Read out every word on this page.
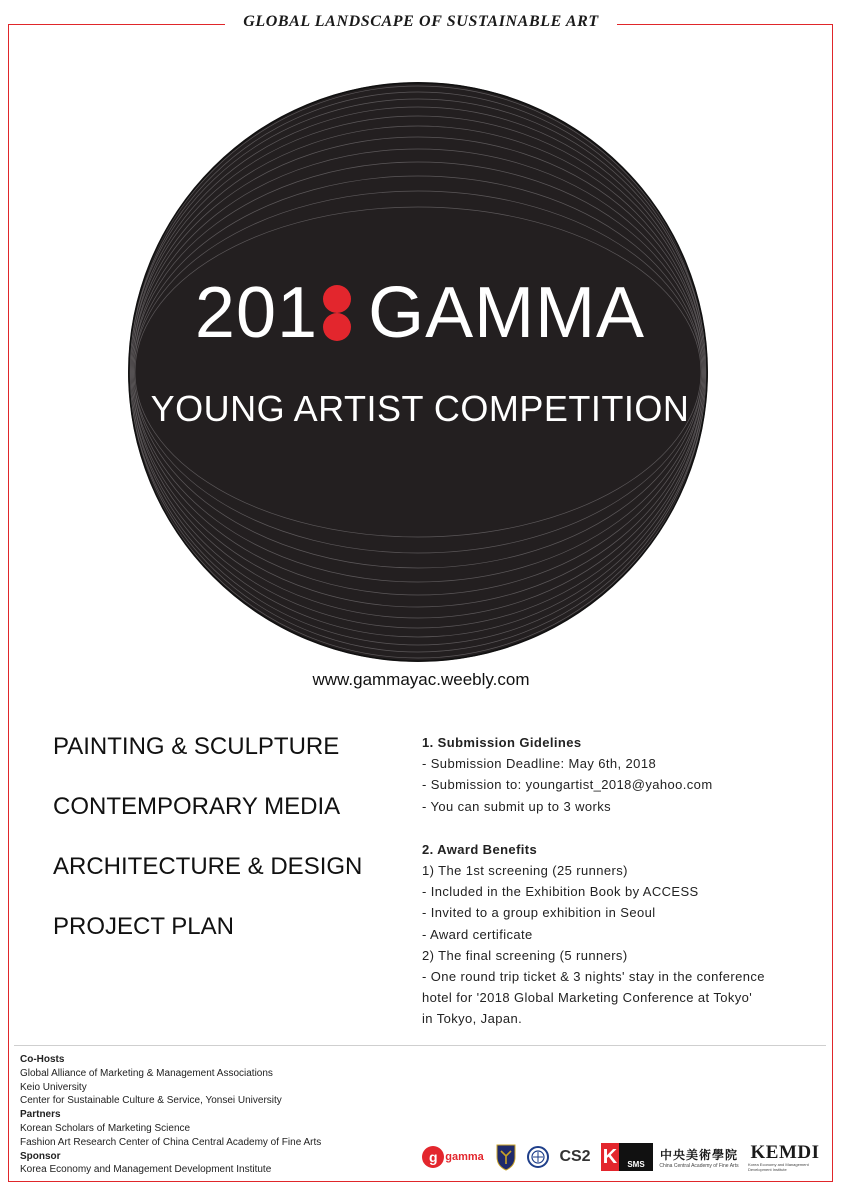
GLOBAL LANDSCAPE OF SUSTAINABLE ART
201 GAMMA
YOUNG ARTIST COMPETITION
www.gammayac.weebly.com
PAINTING & SCULPTURE
CONTEMPORARY MEDIA
ARCHITECTURE & DESIGN
PROJECT PLAN
1. Submission Gidelines
- Submission Deadline: May 6th, 2018
- Submission to: youngartist_2018@yahoo.com
- You can submit up to 3 works
2. Award Benefits
1) The 1st screening (25 runners)
- Included in the Exhibition Book by ACCESS
- Invited to a group exhibition in Seoul
- Award certificate
2) The final screening (5 runners)
- One round trip ticket & 3 nights' stay in the conference
hotel for '2018 Global Marketing Conference at Tokyo'
in Tokyo, Japan.
Co-Hosts
Global Alliance of Marketing & Management Associations
Keio University
Center for Sustainable Culture & Service, Yonsei University
Partners
Korean Scholars of Marketing Science
Fashion Art Research Center of China Central Academy of Fine Arts
Sponsor
Korea Economy and Management Development Institute
g gamma	CS2 K	SMS
中央美術學院
China Central Academy of Fine Arts
KEMDI
Korea Economy and Management Development Institute
